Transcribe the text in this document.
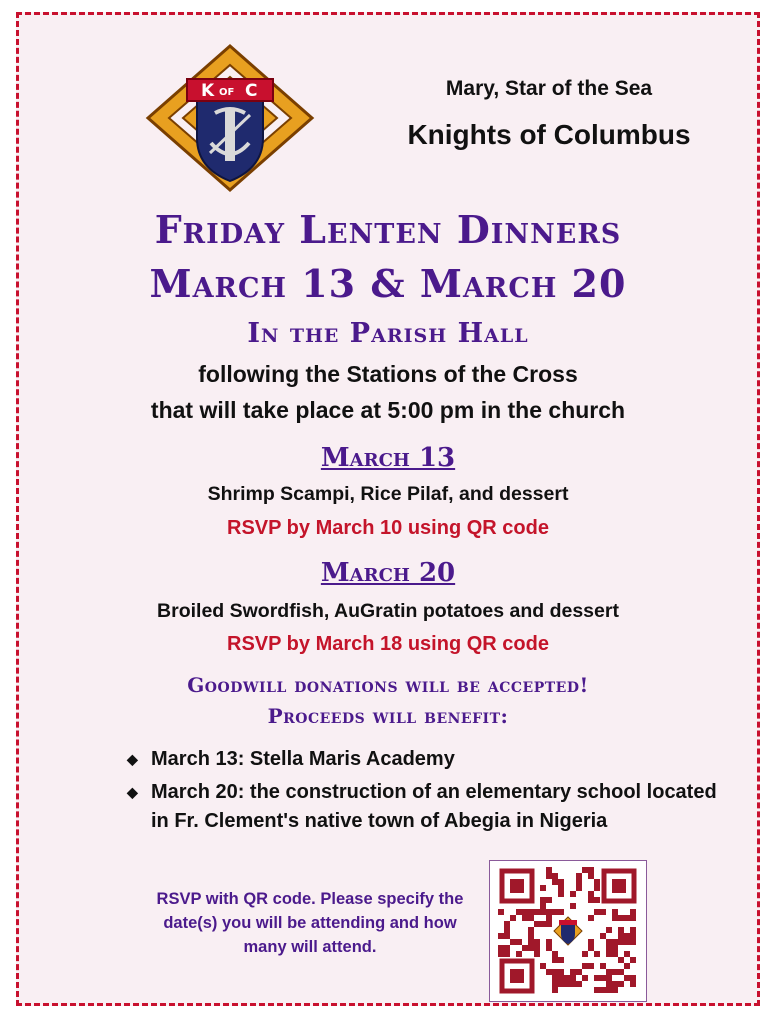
K OF C	Mary, Star of the Sea
Knights of Columbus
Friday Lenten Dinners
March 13 & March 20
In the Parish Hall
following the Stations of the Cross
that will take place at 5:00 pm in the church
March 13
Shrimp Scampi, Rice Pilaf, and dessert
RSVP by March 10 using QR code
March 20
Broiled Swordfish, AuGratin potatoes and dessert
RSVP by March 18 using QR code
Goodwill donations will be accepted!
Proceeds will benefit:
◆ March 13: Stella Maris Academy
◆ March 20: the construction of an elementary school located in Fr. Clement's native town of Abegia in Nigeria
RSVP with QR code. Please specify the date(s) you will be attending and how many will attend.
